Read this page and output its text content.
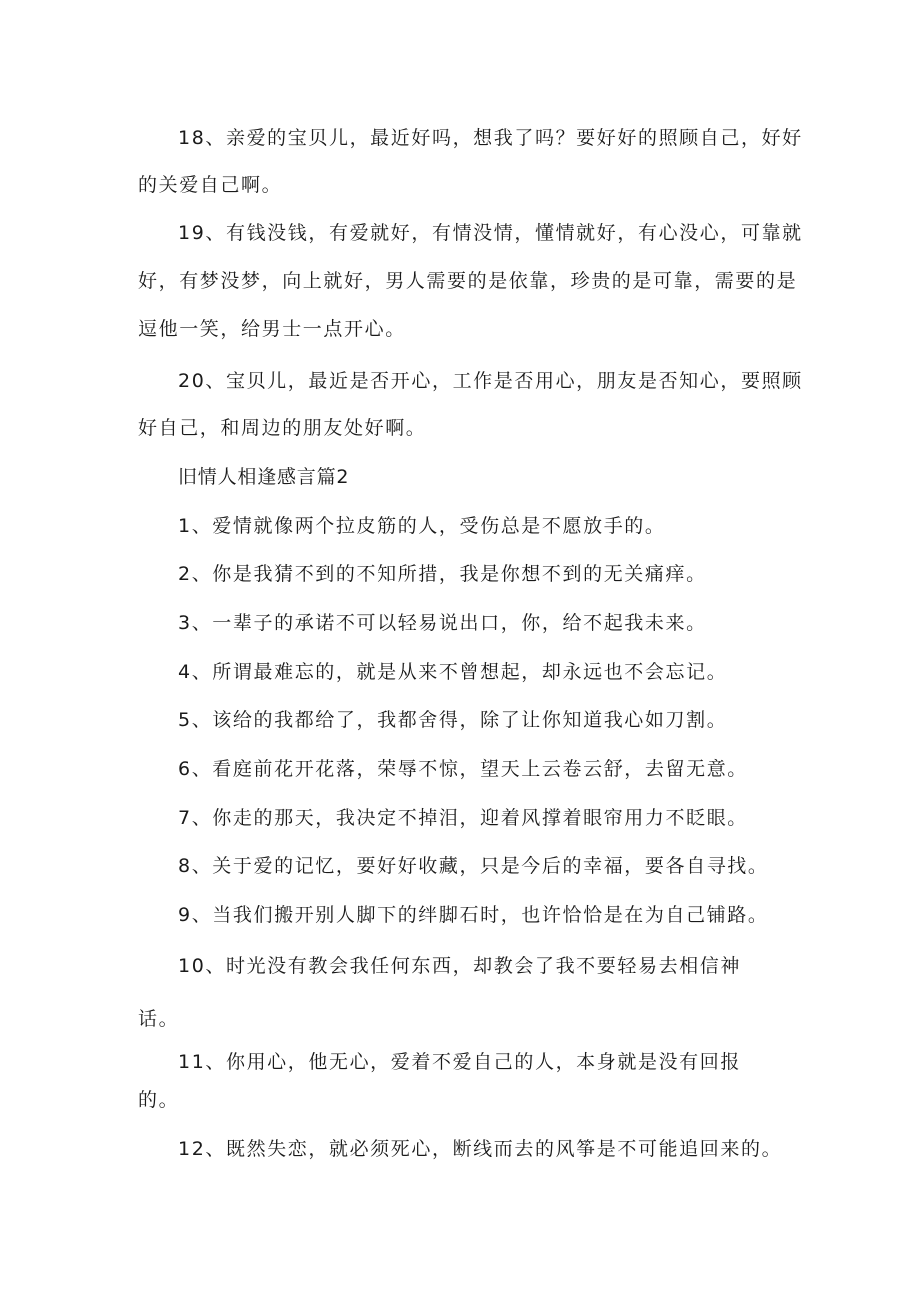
18、亲爱的宝贝儿，最近好吗，想我了吗？要好好的照顾自己，好好
的关爱自己啊。
19、有钱没钱，有爱就好，有情没情，懂情就好，有心没心，可靠就
好，有梦没梦，向上就好，男人需要的是依靠，珍贵的是可靠，需要的是
逗他一笑，给男士一点开心。
20、宝贝儿，最近是否开心，工作是否用心，朋友是否知心，要照顾
好自己，和周边的朋友处好啊。
旧情人相逢感言篇2
1、爱情就像两个拉皮筋的人，受伤总是不愿放手的。
2、你是我猜不到的不知所措，我是你想不到的无关痛痒。
3、一辈子的承诺不可以轻易说出口，你，给不起我未来。
4、所谓最难忘的，就是从来不曾想起，却永远也不会忘记。
5、该给的我都给了，我都舍得，除了让你知道我心如刀割。
6、看庭前花开花落，荣辱不惊，望天上云卷云舒，去留无意。
7、你走的那天，我决定不掉泪，迎着风撑着眼帘用力不眨眼。
8、关于爱的记忆，要好好收藏，只是今后的幸福，要各自寻找。
9、当我们搬开别人脚下的绊脚石时，也许恰恰是在为自己铺路。
10、时光没有教会我任何东西，却教会了我不要轻易去相信神
话。
11、你用心，他无心，爱着不爱自己的人，本身就是没有回报
的。
12、既然失恋，就必须死心，断线而去的风筝是不可能追回来的。
